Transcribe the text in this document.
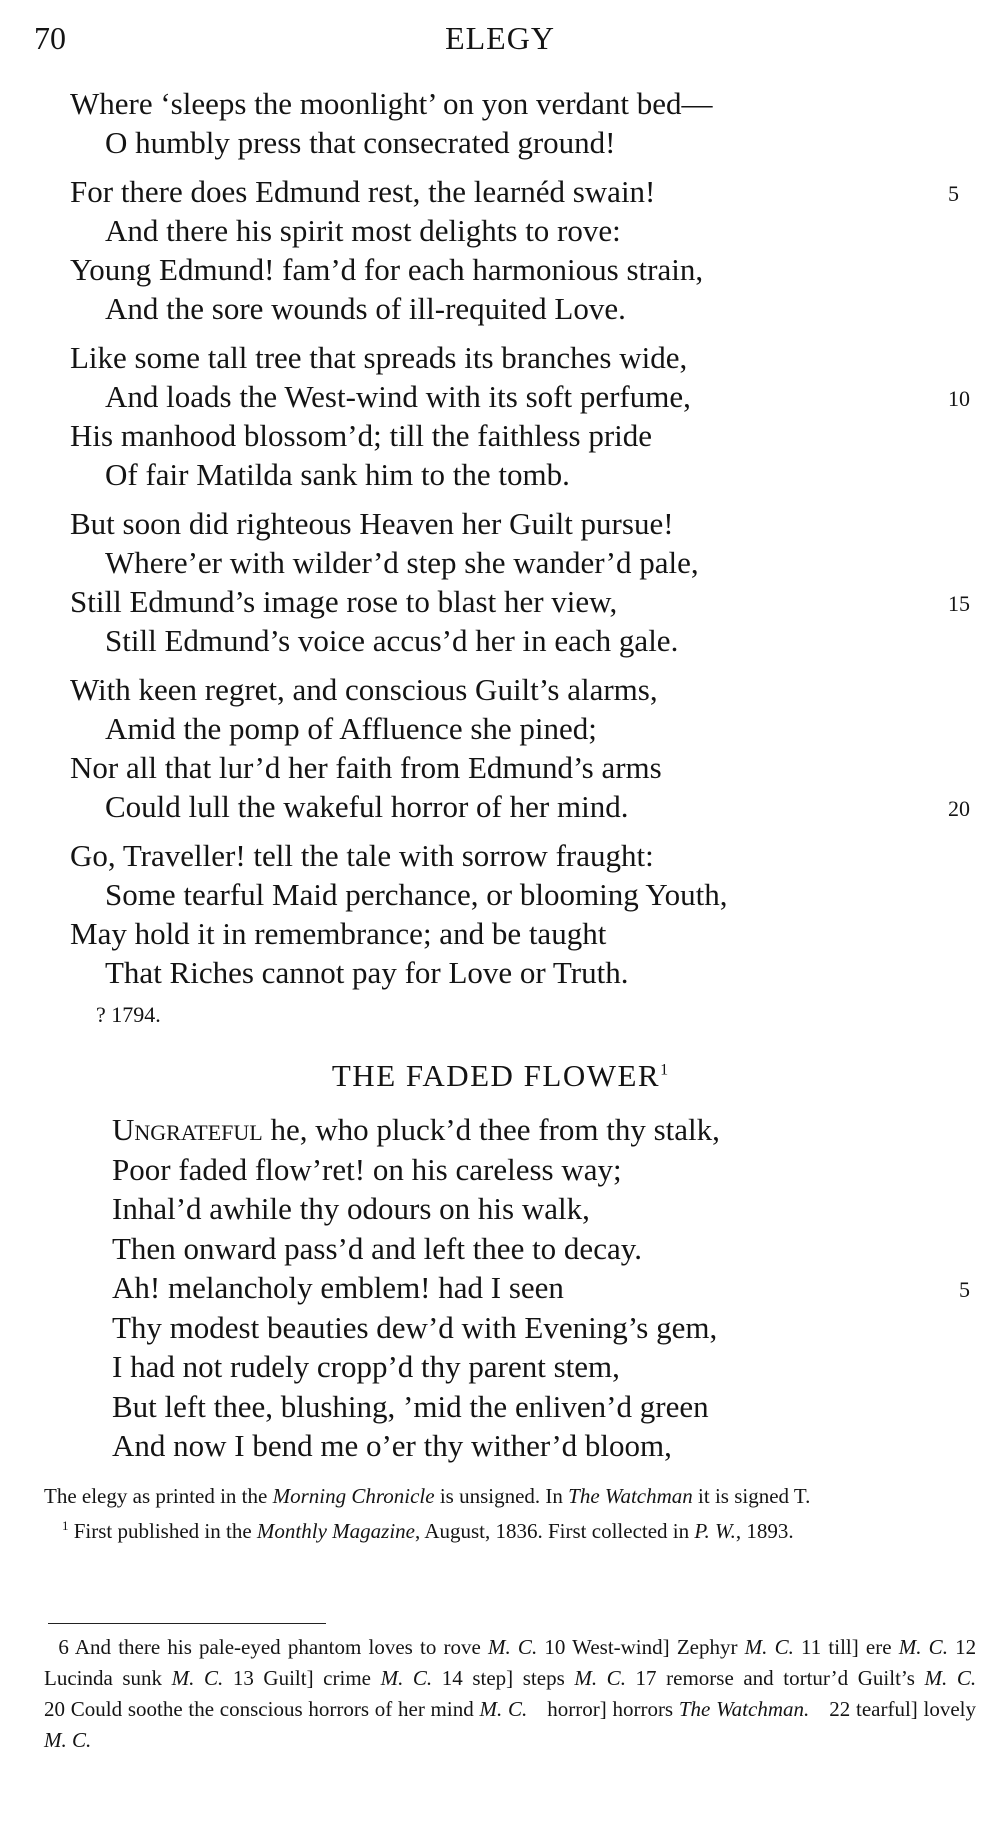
70	ELEGY
Where ‘sleeps the moonlight’ on yon verdant bed—
O humbly press that consecrated ground!
For there does Edmund rest, the learnéd swain!	5
And there his spirit most delights to rove:
Young Edmund! fam’d for each harmonious strain,
And the sore wounds of ill-requited Love.
Like some tall tree that spreads its branches wide,
And loads the West-wind with its soft perfume,	10
His manhood blossom’d; till the faithless pride
Of fair Matilda sank him to the tomb.
But soon did righteous Heaven her Guilt pursue!
Where’er with wilder’d step she wander’d pale,
Still Edmund’s image rose to blast her view,	15
Still Edmund’s voice accus’d her in each gale.
With keen regret, and conscious Guilt’s alarms,
Amid the pomp of Affluence she pined;
Nor all that lur’d her faith from Edmund’s arms
Could lull the wakeful horror of her mind.	20
Go, Traveller! tell the tale with sorrow fraught:
Some tearful Maid perchance, or blooming Youth,
May hold it in remembrance; and be taught
That Riches cannot pay for Love or Truth.
? 1794.
THE FADED FLOWER$^1$
Ungrateful he, who pluck’d thee from thy stalk,
Poor faded flow’ret! on his careless way;
Inhal’d awhile thy odours on his walk,
Then onward pass’d and left thee to decay.
Ah! melancholy emblem! had I seen	5
Thy modest beauties dew’d with Evening’s gem,
I had not rudely cropp’d thy parent stem,
But left thee, blushing, ’mid the enliven’d green
And now I bend me o’er thy wither’d bloom,

The elegy as printed in the Morning Chronicle is unsigned. In The Watchman it is signed T.

$^1$ First published in the Monthly Magazine, August, 1836. First collected in P. W., 1893.

6 And there his pale-eyed phantom loves to rove M. C. 10 West-wind] Zephyr M. C. 11 till] ere M. C. 12 Lucinda sunk M. C. 13 Guilt] crime M. C. 14 step] steps M. C. 17 remorse and tortur’d Guilt’s M. C.

20 Could soothe the conscious horrors of her mind M. C. horror] horrors The Watchman. 22 tearful] lovely M. C.
